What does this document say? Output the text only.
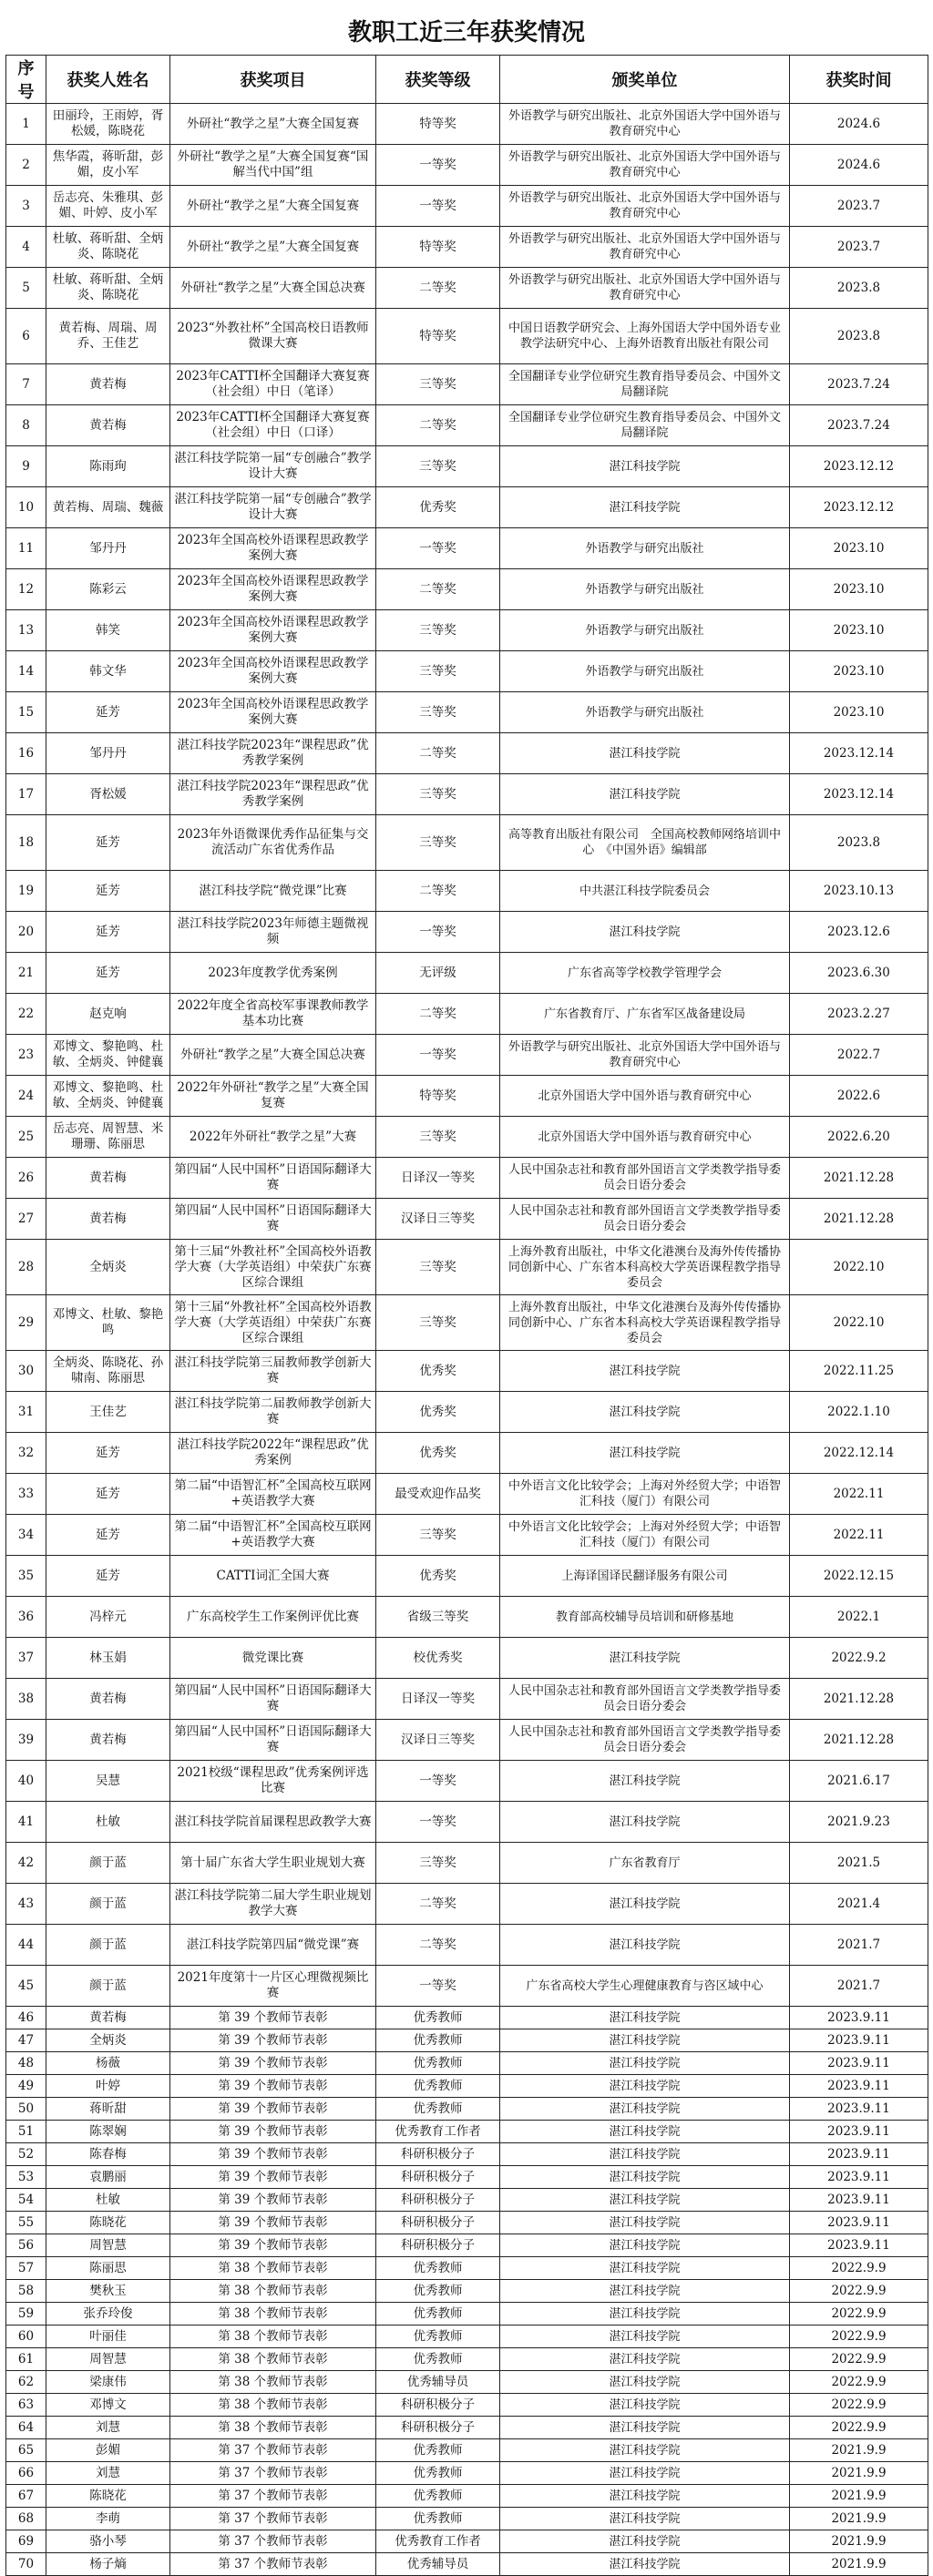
教职工近三年获奖情况
序号	获奖人姓名	获奖项目	获奖等级	颁奖单位	获奖时间
1	田丽玲，王雨婷，胥松媛，陈晓花	外研社“教学之星”大赛全国复赛	特等奖	外语教学与研究出版社、北京外国语大学中国外语与教育研究中心	2024.6
2	焦华霞，蒋昕甜，彭媚，皮小军	外研社“教学之星”大赛全国复赛“国解当代中国”组	一等奖	外语教学与研究出版社、北京外国语大学中国外语与教育研究中心	2024.6
3	岳志亮、朱雅琪、彭媚、叶婷、皮小军	外研社“教学之星”大赛全国复赛	一等奖	外语教学与研究出版社、北京外国语大学中国外语与教育研究中心	2023.7
4	杜敏、蒋昕甜、全炳炎、陈晓花	外研社“教学之星”大赛全国复赛	特等奖	外语教学与研究出版社、北京外国语大学中国外语与教育研究中心	2023.7
5	杜敏、蒋昕甜、全炳炎、陈晓花	外研社“教学之星”大赛全国总决赛	二等奖	外语教学与研究出版社、北京外国语大学中国外语与教育研究中心	2023.8
6	黄若梅、周瑞、周乔、王佳艺	2023“外教社杯”全国高校日语教师微课大赛	特等奖	中国日语教学研究会、上海外国语大学中国外语专业教学法研究中心、上海外语教育出版社有限公司	2023.8
7	黄若梅	2023年CATTI杯全国翻译大赛复赛（社会组）中日（笔译）	三等奖	全国翻译专业学位研究生教育指导委员会、中国外文局翻译院	2023.7.24
8	黄若梅	2023年CATTI杯全国翻译大赛复赛（社会组）中日（口译）	二等奖	全国翻译专业学位研究生教育指导委员会、中国外文局翻译院	2023.7.24
9	陈雨珣	湛江科技学院第一届“专创融合”教学设计大赛	三等奖	湛江科技学院	2023.12.12
10	黄若梅、周瑞、魏薇	湛江科技学院第一届“专创融合”教学设计大赛	优秀奖	湛江科技学院	2023.12.12
11	邹丹丹	2023年全国高校外语课程思政教学案例大赛	一等奖	外语教学与研究出版社	2023.10
12	陈彩云	2023年全国高校外语课程思政教学案例大赛	二等奖	外语教学与研究出版社	2023.10
13	韩笑	2023年全国高校外语课程思政教学案例大赛	三等奖	外语教学与研究出版社	2023.10
14	韩文华	2023年全国高校外语课程思政教学案例大赛	三等奖	外语教学与研究出版社	2023.10
15	延芳	2023年全国高校外语课程思政教学案例大赛	三等奖	外语教学与研究出版社	2023.10
16	邹丹丹	湛江科技学院2023年“课程思政”优秀教学案例	二等奖	湛江科技学院	2023.12.14
17	胥松媛	湛江科技学院2023年“课程思政”优秀教学案例	三等奖	湛江科技学院	2023.12.14
18	延芳	2023年外语微课优秀作品征集与交流活动广东省优秀作品	三等奖	高等教育出版社有限公司　全国高校教师网络培训中心　《中国外语》编辑部	2023.8
19	延芳	湛江科技学院“微党课”比赛	二等奖	中共湛江科技学院委员会	2023.10.13
20	延芳	湛江科技学院2023年师德主题微视频	一等奖	湛江科技学院	2023.12.6
21	延芳	2023年度教学优秀案例	无评级	广东省高等学校教学管理学会	2023.6.30
22	赵克响	2022年度全省高校军事课教师教学基本功比赛	二等奖	广东省教育厅、广东省军区战备建设局	2023.2.27
23	邓博文、黎艳鸣、杜敏、全炳炎、钟健襄	外研社“教学之星”大赛全国总决赛	一等奖	外语教学与研究出版社、北京外国语大学中国外语与教育研究中心	2022.7
24	邓博文、黎艳鸣、杜敏、全炳炎、钟健襄	2022年外研社“教学之星”大赛全国复赛	特等奖	北京外国语大学中国外语与教育研究中心	2022.6
25	岳志亮、周智慧、米珊珊、陈丽思	2022年外研社“教学之星”大赛	三等奖	北京外国语大学中国外语与教育研究中心	2022.6.20
26	黄若梅	第四届“人民中国杯”日语国际翻译大赛	日译汉一等奖	人民中国杂志社和教育部外国语言文学类教学指导委员会日语分委会	2021.12.28
27	黄若梅	第四届“人民中国杯”日语国际翻译大赛	汉译日三等奖	人民中国杂志社和教育部外国语言文学类教学指导委员会日语分委会	2021.12.28
28	全炳炎	第十三届“外教社杯”全国高校外语教学大赛（大学英语组）中荣获广东赛区综合课组	三等奖	上海外教育出版社，中华文化港澳台及海外传传播协同创新中心、广东省本科高校大学英语课程教学指导委员会	2022.10
29	邓博文、杜敏、黎艳鸣	第十三届“外教社杯”全国高校外语教学大赛（大学英语组）中荣获广东赛区综合课组	三等奖	上海外教育出版社，中华文化港澳台及海外传传播协同创新中心、广东省本科高校大学英语课程教学指导委员会	2022.10
30	全炳炎、陈晓花、孙啸南、陈丽思	湛江科技学院第三届教师教学创新大赛	优秀奖	湛江科技学院	2022.11.25
31	王佳艺	湛江科技学院第二届教师教学创新大赛	优秀奖	湛江科技学院	2022.1.10
32	延芳	湛江科技学院2022年“课程思政”优秀案例	优秀奖	湛江科技学院	2022.12.14
33	延芳	第二届“中语智汇杯”全国高校互联网+英语教学大赛	最受欢迎作品奖	中外语言文化比较学会；上海对外经贸大学；中语智汇科技（厦门）有限公司	2022.11
34	延芳	第二届“中语智汇杯”全国高校互联网+英语教学大赛	三等奖	中外语言文化比较学会；上海对外经贸大学；中语智汇科技（厦门）有限公司	2022.11
35	延芳	CATTI词汇全国大赛	优秀奖	上海译国译民翻译服务有限公司	2022.12.15
36	冯梓元	广东高校学生工作案例评优比赛	省级三等奖	教育部高校辅导员培训和研修基地	2022.1
37	林玉娟	微党课比赛	校优秀奖	湛江科技学院	2022.9.2
38	黄若梅	第四届“人民中国杯”日语国际翻译大赛	日译汉一等奖	人民中国杂志社和教育部外国语言文学类教学指导委员会日语分委会	2021.12.28
39	黄若梅	第四届“人民中国杯”日语国际翻译大赛	汉译日三等奖	人民中国杂志社和教育部外国语言文学类教学指导委员会日语分委会	2021.12.28
40	吴慧	2021校级“课程思政”优秀案例评选比赛	一等奖	湛江科技学院	2021.6.17
41	杜敏	湛江科技学院首届课程思政教学大赛	一等奖	湛江科技学院	2021.9.23
42	颜于蓝	第十届广东省大学生职业规划大赛	三等奖	广东省教育厅	2021.5
43	颜于蓝	湛江科技学院第二届大学生职业规划教学大赛	二等奖	湛江科技学院	2021.4
44	颜于蓝	湛江科技学院第四届“微党课”赛	二等奖	湛江科技学院	2021.7
45	颜于蓝	2021年度第十一片区心理微视频比赛	一等奖	广东省高校大学生心理健康教育与咨区域中心	2021.7
46	黄若梅	第 39 个教师节表彰	优秀教师	湛江科技学院	2023.9.11
47	全炳炎	第 39 个教师节表彰	优秀教师	湛江科技学院	2023.9.11
48	杨薇	第 39 个教师节表彰	优秀教师	湛江科技学院	2023.9.11
49	叶婷	第 39 个教师节表彰	优秀教师	湛江科技学院	2023.9.11
50	蒋昕甜	第 39 个教师节表彰	优秀教师	湛江科技学院	2023.9.11
51	陈翠娴	第 39 个教师节表彰	优秀教育工作者	湛江科技学院	2023.9.11
52	陈春梅	第 39 个教师节表彰	科研积极分子	湛江科技学院	2023.9.11
53	袁鹏丽	第 39 个教师节表彰	科研积极分子	湛江科技学院	2023.9.11
54	杜敏	第 39 个教师节表彰	科研积极分子	湛江科技学院	2023.9.11
55	陈晓花	第 39 个教师节表彰	科研积极分子	湛江科技学院	2023.9.11
56	周智慧	第 39 个教师节表彰	科研积极分子	湛江科技学院	2023.9.11
57	陈丽思	第 38 个教师节表彰	优秀教师	湛江科技学院	2022.9.9
58	樊秋玉	第 38 个教师节表彰	优秀教师	湛江科技学院	2022.9.9
59	张乔玲俊	第 38 个教师节表彰	优秀教师	湛江科技学院	2022.9.9
60	叶丽佳	第 38 个教师节表彰	优秀教师	湛江科技学院	2022.9.9
61	周智慧	第 38 个教师节表彰	优秀教师	湛江科技学院	2022.9.9
62	梁康伟	第 38 个教师节表彰	优秀辅导员	湛江科技学院	2022.9.9
63	邓博文	第 38 个教师节表彰	科研积极分子	湛江科技学院	2022.9.9
64	刘慧	第 38 个教师节表彰	科研积极分子	湛江科技学院	2022.9.9
65	彭媚	第 37 个教师节表彰	优秀教师	湛江科技学院	2021.9.9
66	刘慧	第 37 个教师节表彰	优秀教师	湛江科技学院	2021.9.9
67	陈晓花	第 37 个教师节表彰	优秀教师	湛江科技学院	2021.9.9
68	李萌	第 37 个教师节表彰	优秀教师	湛江科技学院	2021.9.9
69	骆小琴	第 37 个教师节表彰	优秀教育工作者	湛江科技学院	2021.9.9
70	杨子熵	第 37 个教师节表彰	优秀辅导员	湛江科技学院	2021.9.9
